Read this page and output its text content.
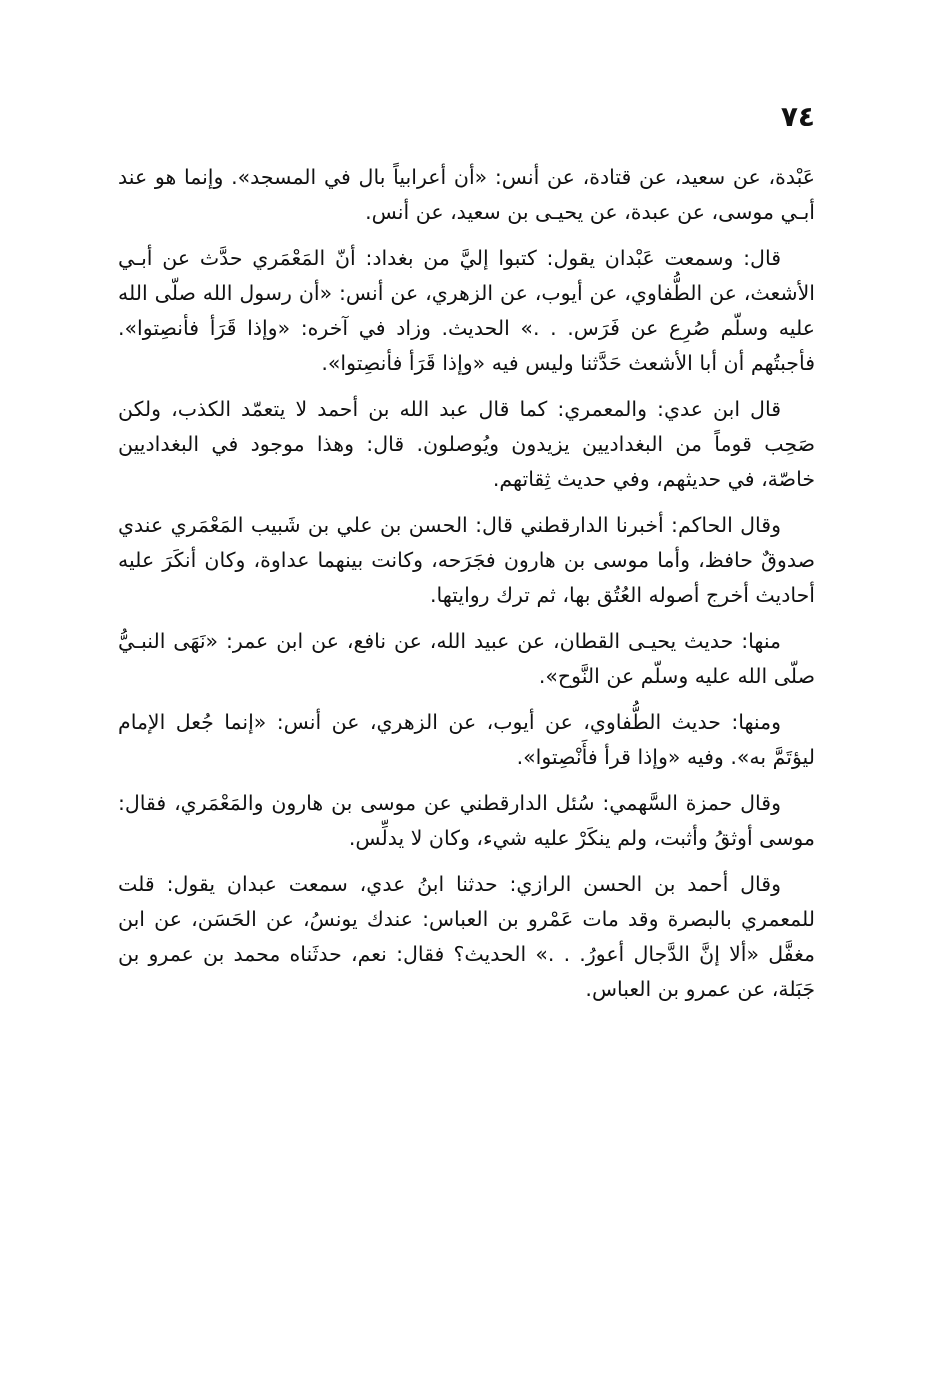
٧٤

عَبْدة، عن سعيد، عن قتادة، عن أنس: «أن أعرابياً بال في المسجد». وإنما هو عند أبـي موسى، عن عبدة، عن يحيـى بن سعيد، عن أنس.

قال: وسمعت عَبْدان يقول: كتبوا إليَّ من بغداد: أنّ المَعْمَري حدَّث عن أبـي الأشعث، عن الطُّفاوي، عن أيوب، عن الزهري، عن أنس: «أن رسول الله صلّى الله عليه وسلّم صُرِع عن فَرَس. . .» الحديث. وزاد في آخره: «وإذا قَرَأ فأنصِتوا». فأجبتُهم أن أبا الأشعث حَدَّثنا وليس فيه «وإذا قَرَأ فأنصِتوا».

قال ابن عدي: والمعمري: كما قال عبد الله بن أحمد لا يتعمّد الكذب، ولكن صَحِب قوماً من البغداديين يزيدون ويُوصلون. قال: وهذا موجود في البغداديين خاصّة، في حديثهم، وفي حديث ثِقاتهم.

وقال الحاكم: أخبرنا الدارقطني قال: الحسن بن علي بن شَبيب المَعْمَري عندي صدوقٌ حافظ، وأما موسى بن هارون فجَرَحه، وكانت بينهما عداوة، وكان أنكَرَ عليه أحاديث أخرج أصوله العُتُق بها، ثم ترك روايتها.

منها: حديث يحيـى القطان، عن عبيد الله، عن نافع، عن ابن عمر: «نَهَى النبـيُّ صلّى الله عليه وسلّم عن النَّوح».

ومنها: حديث الطُّفاوي، عن أيوب، عن الزهري، عن أنس: «إنما جُعل الإمام ليؤتَمَّ به». وفيه «وإذا قرأ فأَنْصِتوا».

وقال حمزة السَّهمي: سُئل الدارقطني عن موسى بن هارون والمَعْمَري، فقال: موسى أوثقُ وأثبت، ولم ينكَرْ عليه شيء، وكان لا يدلِّس.

وقال أحمد بن الحسن الرازي: حدثنا ابنُ عدي، سمعت عبدان يقول: قلت للمعمري بالبصرة وقد مات عَمْرو بن العباس: عندك يونسُ، عن الحَسَن، عن ابن مغفَّل «ألا إنَّ الدَّجال أعورُ. . .» الحديث؟ فقال: نعم، حدثَناه محمد بن عمرو بن جَبَلة، عن عمرو بن العباس.
